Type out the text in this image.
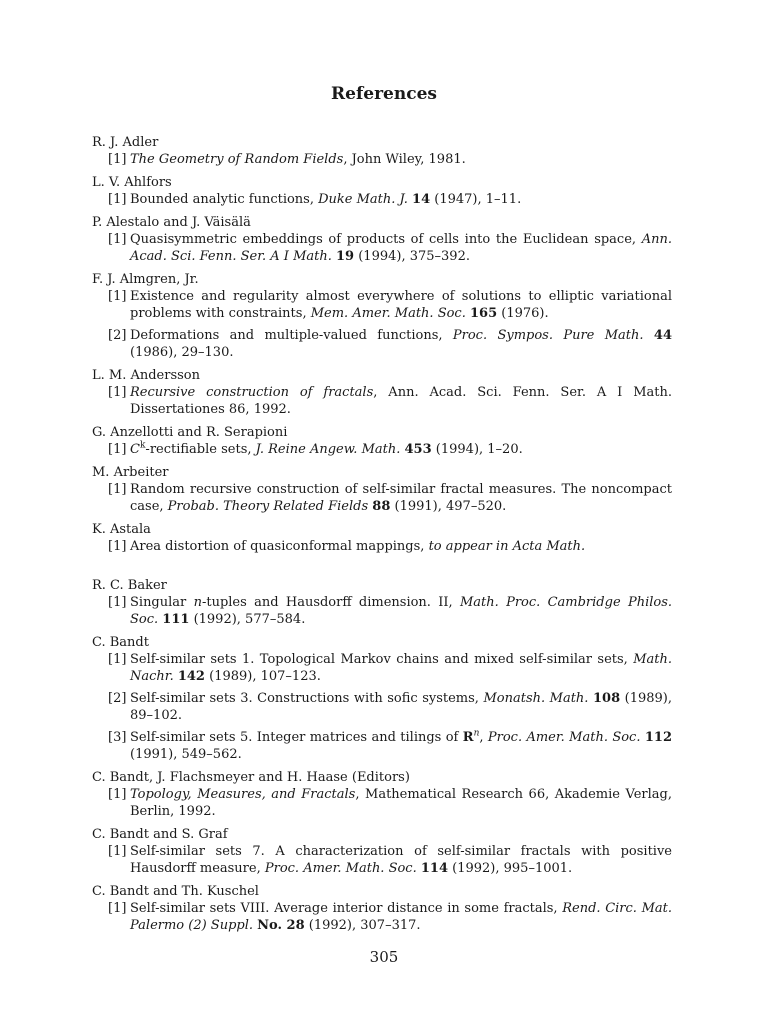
References
R. J. Adler
[1] The Geometry of Random Fields, John Wiley, 1981.
L. V. Ahlfors
[1] Bounded analytic functions, Duke Math. J. 14 (1947), 1–11.
P. Alestalo and J. Väisälä
[1] Quasisymmetric embeddings of products of cells into the Euclidean space, Ann. Acad. Sci. Fenn. Ser. A I Math. 19 (1994), 375–392.
F. J. Almgren, Jr.
[1] Existence and regularity almost everywhere of solutions to elliptic variational problems with constraints, Mem. Amer. Math. Soc. 165 (1976).
[2] Deformations and multiple-valued functions, Proc. Sympos. Pure Math. 44 (1986), 29–130.
L. M. Andersson
[1] Recursive construction of fractals, Ann. Acad. Sci. Fenn. Ser. A I Math. Dissertationes 86, 1992.
G. Anzellotti and R. Serapioni
[1] $C^k$-rectifiable sets, J. Reine Angew. Math. 453 (1994), 1–20.
M. Arbeiter
[1] Random recursive construction of self-similar fractal measures. The noncompact case, Probab. Theory Related Fields 88 (1991), 497–520.
K. Astala
[1] Area distortion of quasiconformal mappings, to appear in Acta Math.
R. C. Baker
[1] Singular n-tuples and Hausdorff dimension. II, Math. Proc. Cambridge Philos. Soc. 111 (1992), 577–584.
C. Bandt
[1] Self-similar sets 1. Topological Markov chains and mixed self-similar sets, Math. Nachr. 142 (1989), 107–123.
[2] Self-similar sets 3. Constructions with sofic systems, Monatsh. Math. 108 (1989), 89–102.
[3] Self-similar sets 5. Integer matrices and tilings of $R^n$, Proc. Amer. Math. Soc. 112 (1991), 549–562.
C. Bandt, J. Flachsmeyer and H. Haase (Editors)
[1] Topology, Measures, and Fractals, Mathematical Research 66, Akademie Verlag, Berlin, 1992.
C. Bandt and S. Graf
[1] Self-similar sets 7. A characterization of self-similar fractals with positive Hausdorff measure, Proc. Amer. Math. Soc. 114 (1992), 995–1001.
C. Bandt and Th. Kuschel
[1] Self-similar sets VIII. Average interior distance in some fractals, Rend. Circ. Mat. Palermo (2) Suppl. No. 28 (1992), 307–317.
305
